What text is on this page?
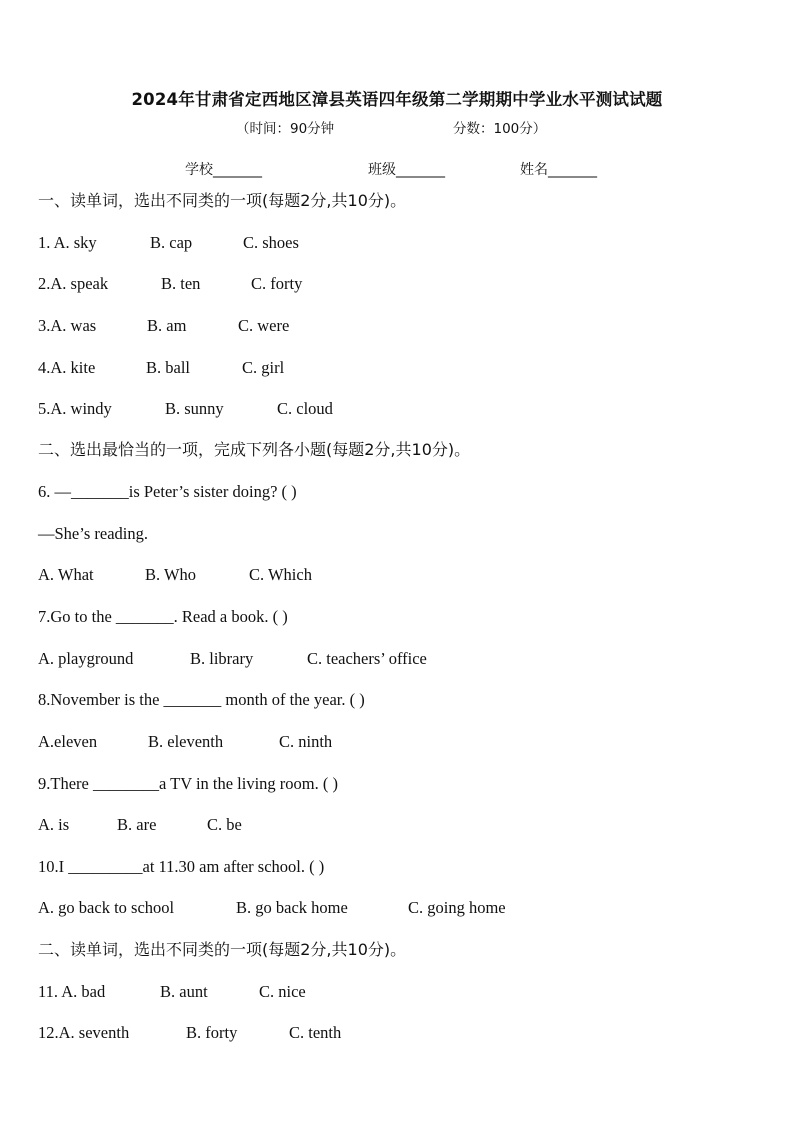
2024年甘肃省定西地区漳县英语四年级第二学期期中学业水平测试试题
（时间：90分钟	分数：100分）
学校_______	班级_______	姓名_______
一、读单词，选出不同类的一项(每题2分,共10分)。
1. A. sky	B. cap	C. shoes
2.A. speak	B. ten	C. forty
3.A. was	B. am	C. were
4.A. kite	B. ball	C. girl
5.A. windy	B. sunny	C. cloud
二、选出最恰当的一项，完成下列各小题(每题2分,共10分)。
6. —_______is Peter’s sister doing? ( )
—She’s reading.
A. What	B. Who	C. Which
7.Go to the _______. Read a book. ( )
A. playground	B. library	C. teachers’ office
8.November is the _______ month of the year. ( )
A.eleven	B. eleventh	C. ninth
9.There ________a TV in the living room. ( )
A. is	B. are	C. be
10.I _________at 11.30 am after school. ( )
A. go back to school	B. go back home	C. going home
二、读单词，选出不同类的一项(每题2分,共10分)。
11. A. bad	B. aunt	C. nice
12.A. seventh	B. forty	C. tenth
